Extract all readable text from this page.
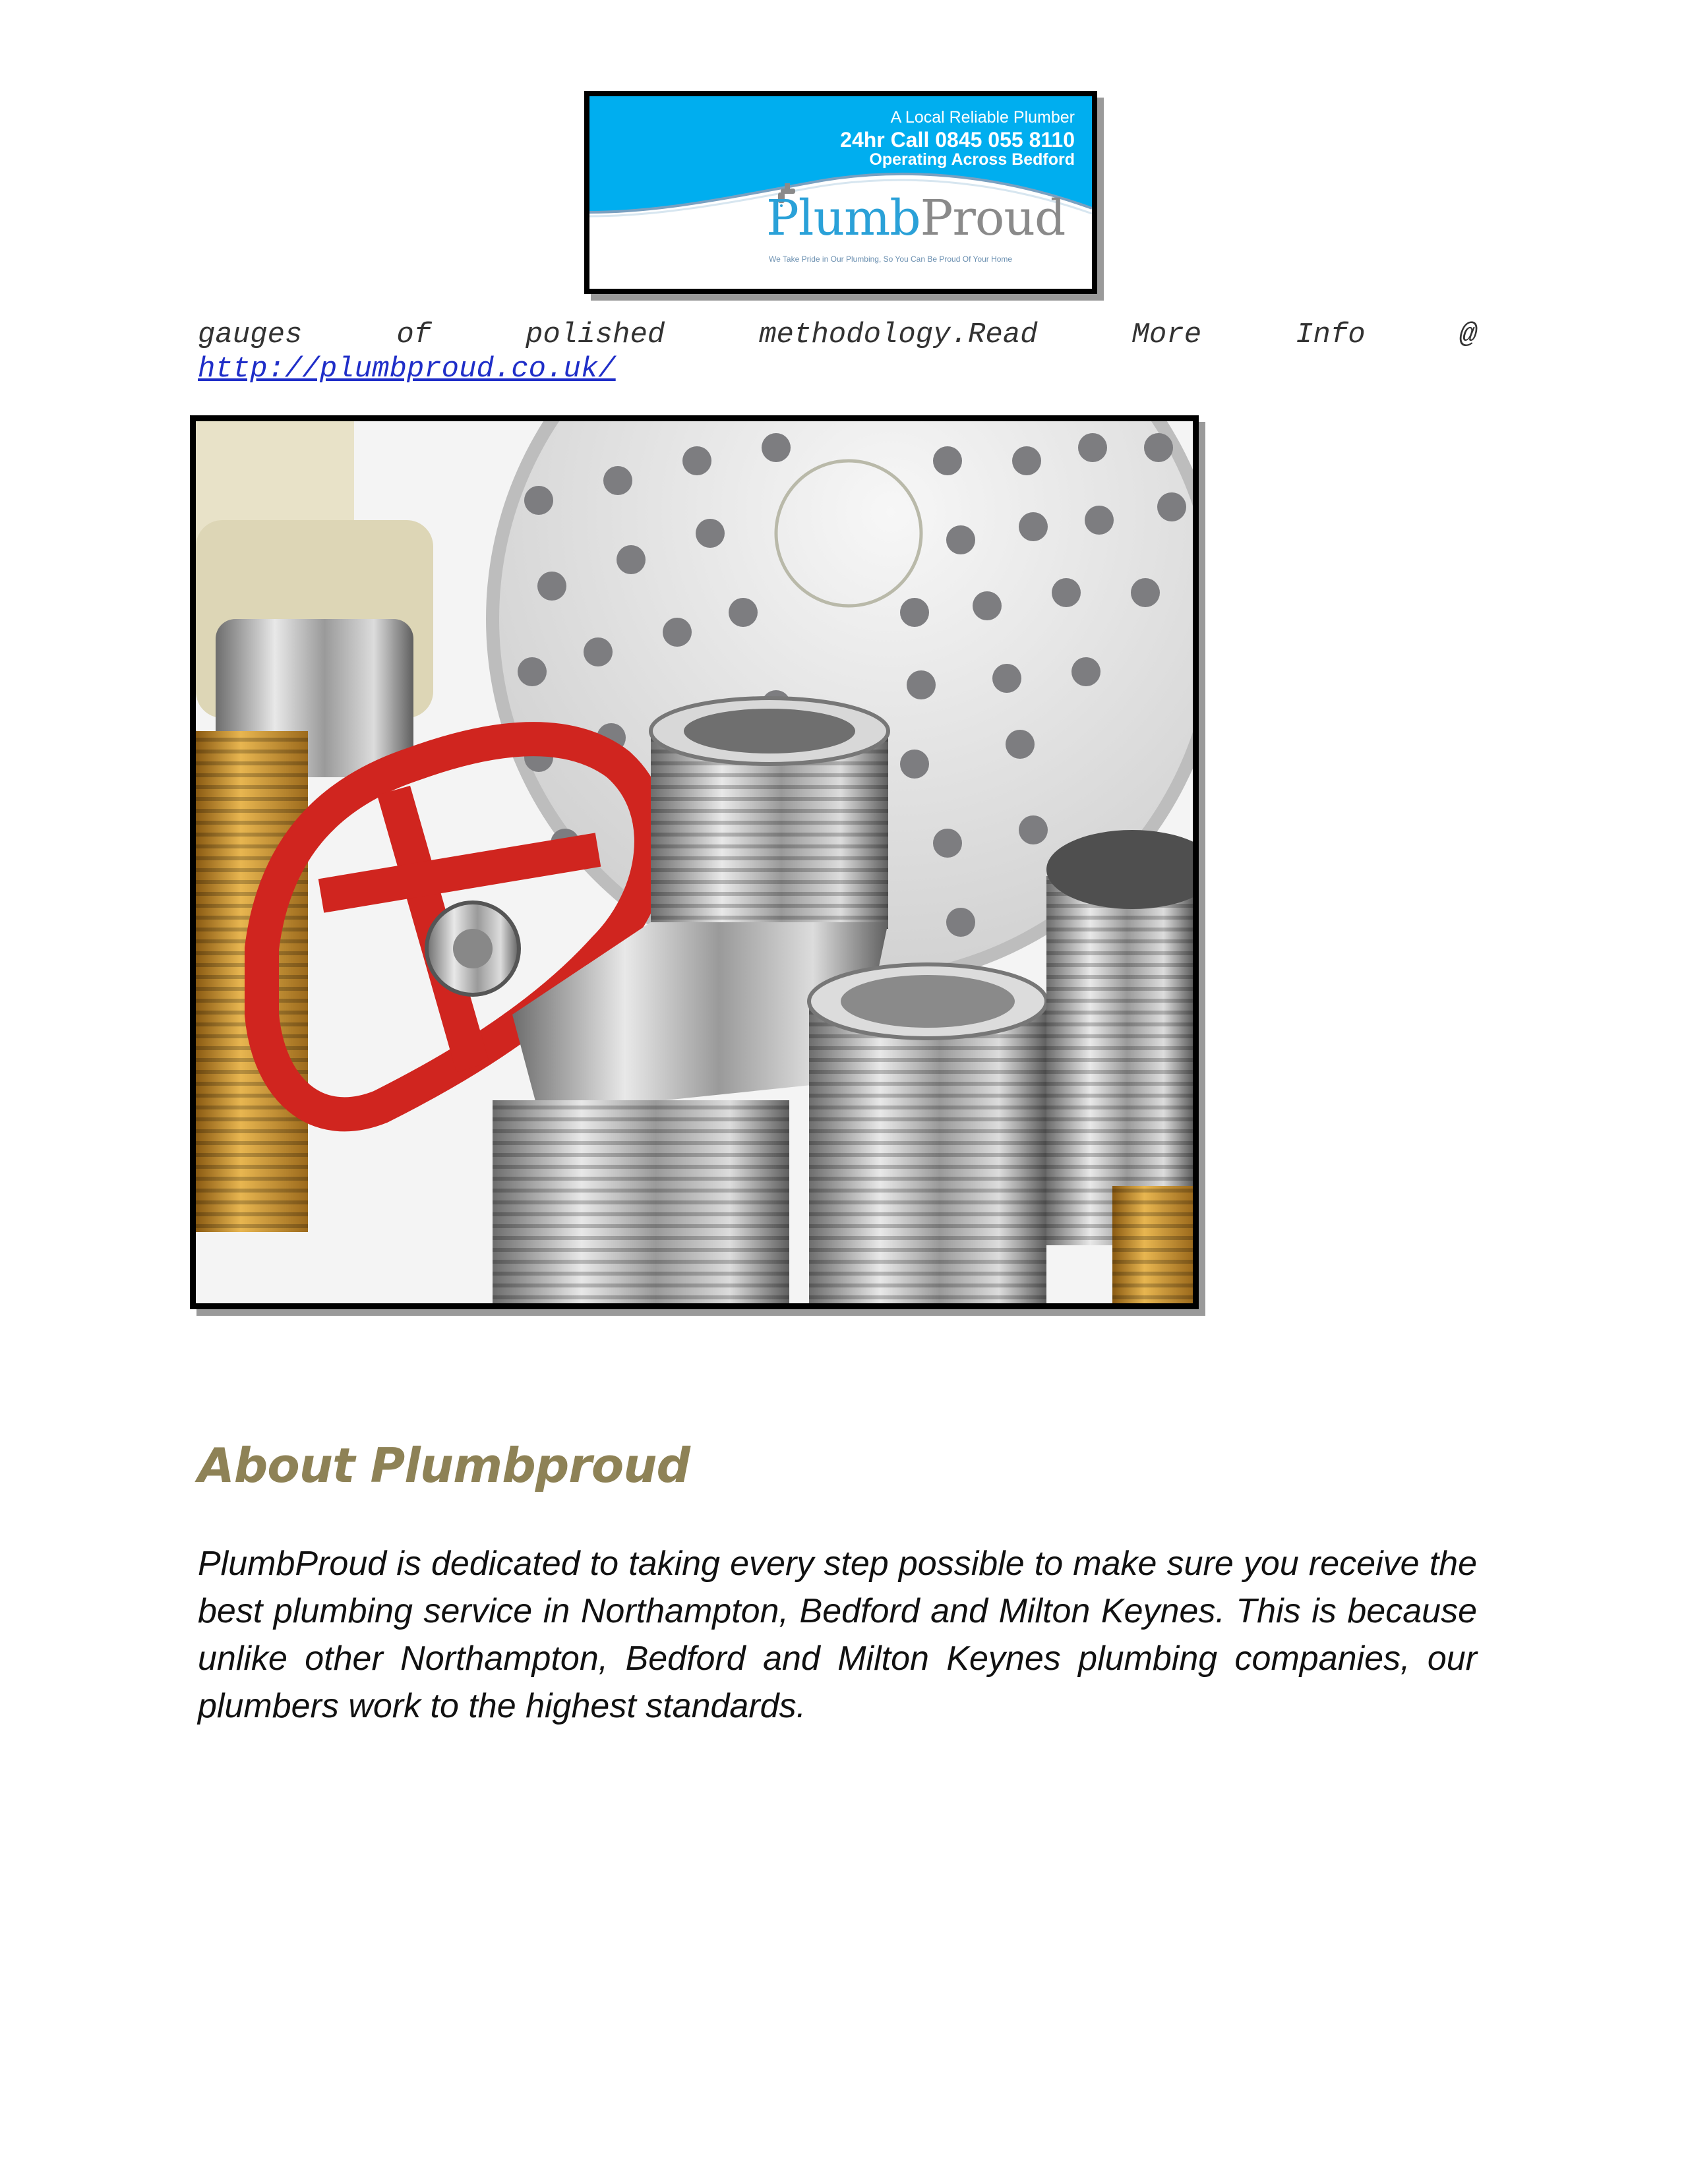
A Local Reliable Plumber
24hr Call 0845 055 8110
Operating Across Bedford
PlumbProud
We Take Pride in Our Plumbing, So You Can Be Proud Of Your Home
gauges	of	polished	methodology.Read	More	Info	@
http://plumbproud.co.uk/
About Plumbproud

PlumbProud is dedicated to taking every step possible to make sure you receive the best plumbing service in Northampton, Bedford and Milton Keynes. This is because unlike other Northampton, Bedford and Milton Keynes plumbing companies, our plumbers work to the highest standards.
